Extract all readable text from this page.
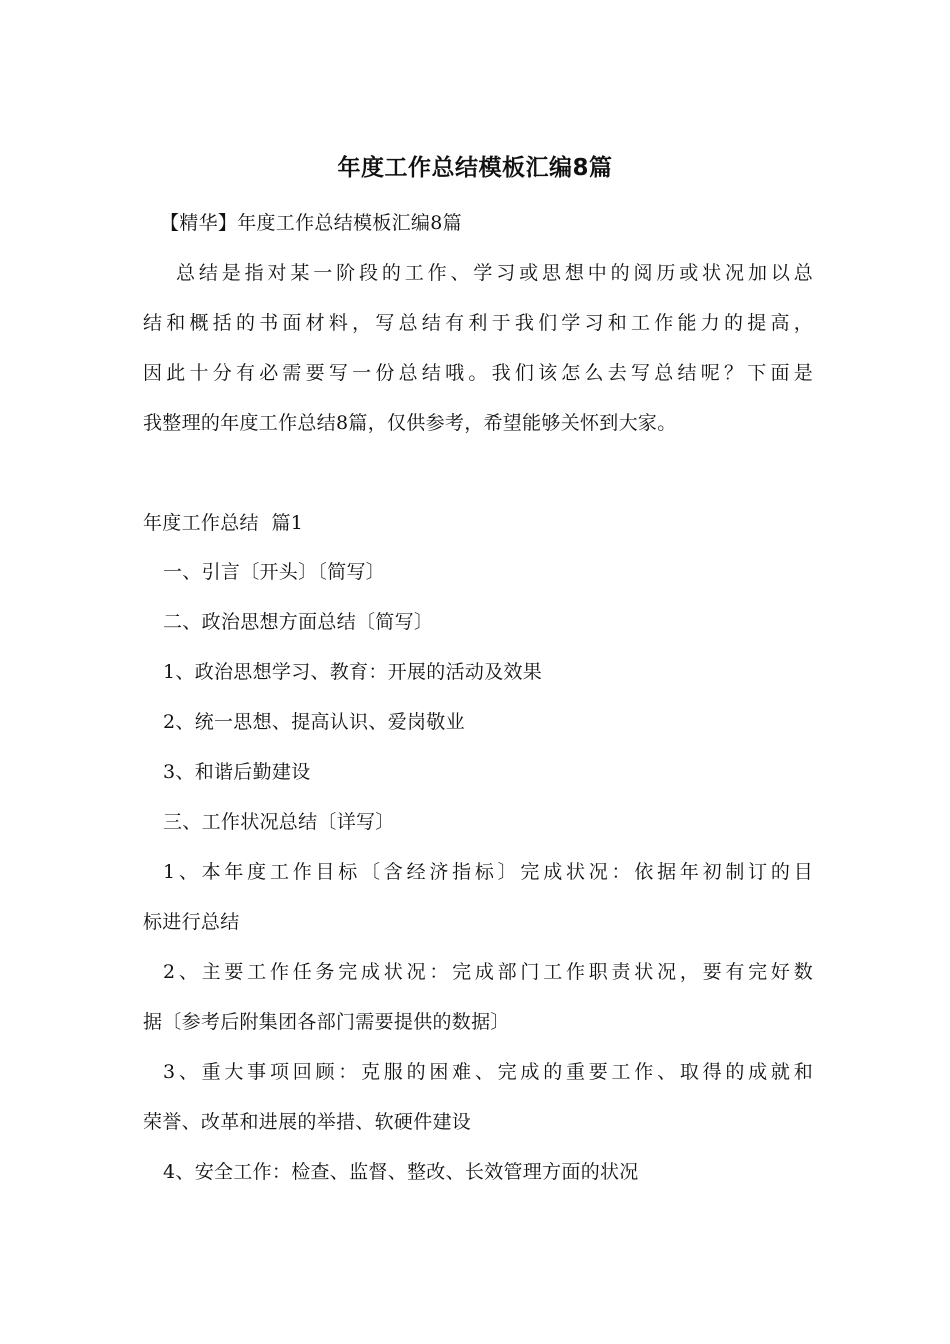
年度工作总结模板汇编8篇
【精华】年度工作总结模板汇编8篇
总结是指对某一阶段的工作、学习或思想中的阅历或状况加以总
结和概括的书面材料，写总结有利于我们学习和工作能力的提高，
因此十分有必需要写一份总结哦。我们该怎么去写总结呢？下面是
我整理的年度工作总结8篇，仅供参考，希望能够关怀到大家。
年度工作总结  篇1
一、引言〔开头〕〔简写〕
二、政治思想方面总结〔简写〕
1、政治思想学习、教育：开展的活动及效果
2、统一思想、提高认识、爱岗敬业
3、和谐后勤建设
三、工作状况总结〔详写〕
1、本年度工作目标〔含经济指标〕完成状况：依据年初制订的目
标进行总结
2、主要工作任务完成状况：完成部门工作职责状况，要有完好数
据〔参考后附集团各部门需要提供的数据〕
3、重大事项回顾：克服的困难、完成的重要工作、取得的成就和
荣誉、改革和进展的举措、软硬件建设
4、安全工作：检查、监督、整改、长效管理方面的状况
